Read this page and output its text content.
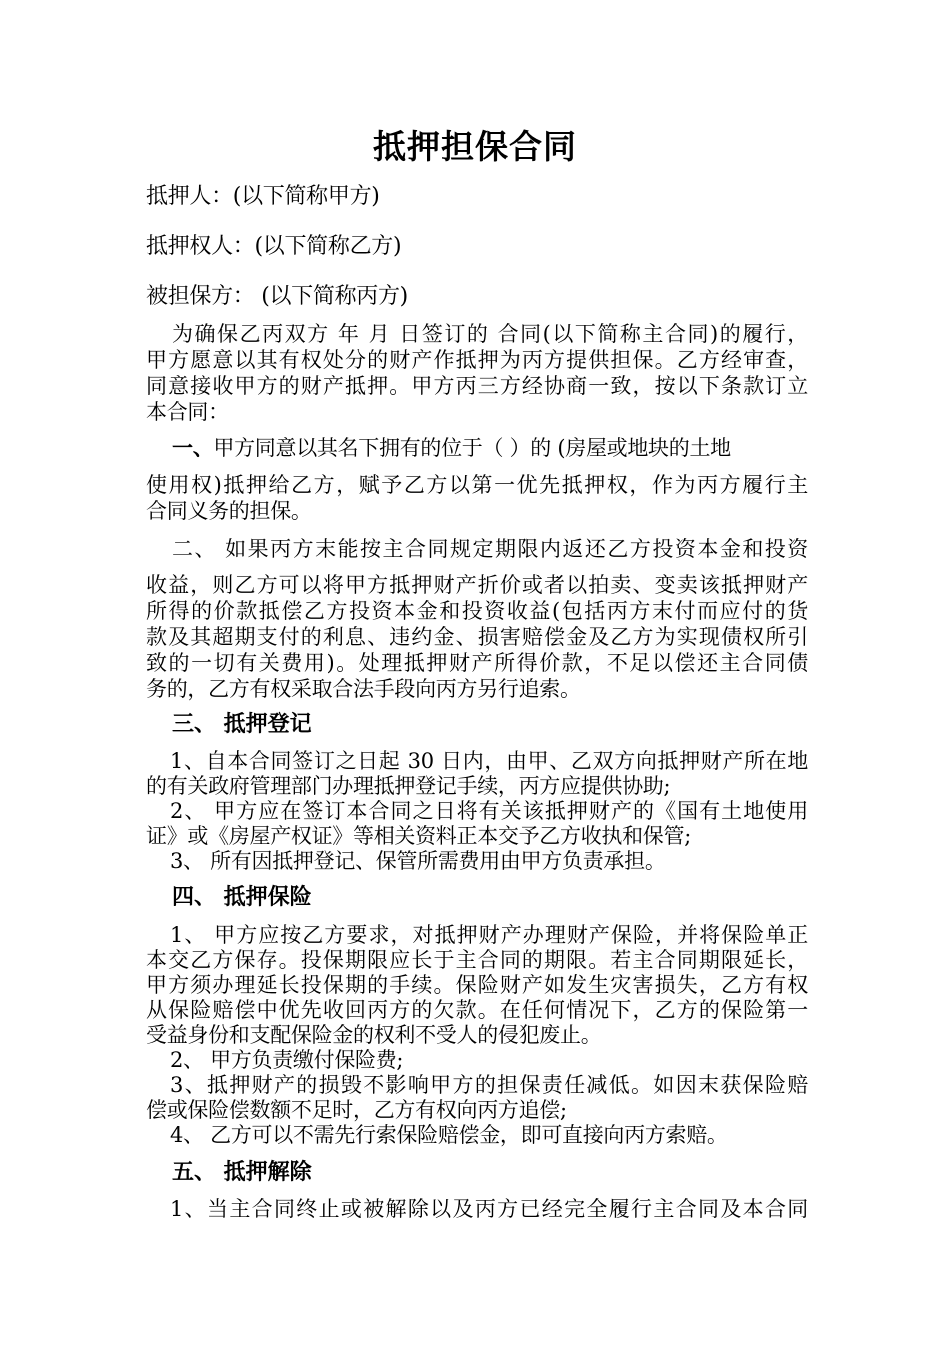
抵押担保合同
抵押人：(以下简称甲方)
抵押权人：(以下简称乙方)
被担保方： (以下简称丙方)
为确保乙丙双方 年 月 日签订的 合同(以下简称主合同)的履行，
甲方愿意以其有权处分的财产作抵押为丙方提供担保。乙方经审查，
同意接收甲方的财产抵押。甲方丙三方经协商一致，按以下条款订立
本合同：
一、甲方同意以其名下拥有的位于（ ）的 (房屋或地块的土地
使用权)抵押给乙方，赋予乙方以第一优先抵押权，作为丙方履行主
合同义务的担保。
二、 如果丙方末能按主合同规定期限内返还乙方投资本金和投资
收益，则乙方可以将甲方抵押财产折价或者以拍卖、变卖该抵押财产
所得的价款抵偿乙方投资本金和投资收益(包括丙方末付而应付的货
款及其超期支付的利息、违约金、损害赔偿金及乙方为实现债权所引
致的一切有关费用)。处理抵押财产所得价款，不足以偿还主合同债
务的，乙方有权采取合法手段向丙方另行追索。
三、 抵押登记
1、自本合同签订之日起 30 日内，由甲、乙双方向抵押财产所在地
的有关政府管理部门办理抵押登记手续，丙方应提供协助;
2、 甲方应在签订本合同之日将有关该抵押财产的《国有土地使用
证》或《房屋产权证》等相关资料正本交予乙方收执和保管;
3、 所有因抵押登记、保管所需费用由甲方负责承担。
四、 抵押保险
1、 甲方应按乙方要求，对抵押财产办理财产保险，并将保险单正
本交乙方保存。投保期限应长于主合同的期限。若主合同期限延长，
甲方须办理延长投保期的手续。保险财产如发生灾害损失，乙方有权
从保险赔偿中优先收回丙方的欠款。在任何情况下，乙方的保险第一
受益身份和支配保险金的权利不受人的侵犯废止。
2、 甲方负责缴付保险费;
3、抵押财产的损毁不影响甲方的担保责任减低。如因末获保险赔
偿或保险偿数额不足时，乙方有权向丙方追偿;
4、 乙方可以不需先行索保险赔偿金，即可直接向丙方索赔。
五、 抵押解除
1、当主合同终止或被解除以及丙方已经完全履行主合同及本合同
